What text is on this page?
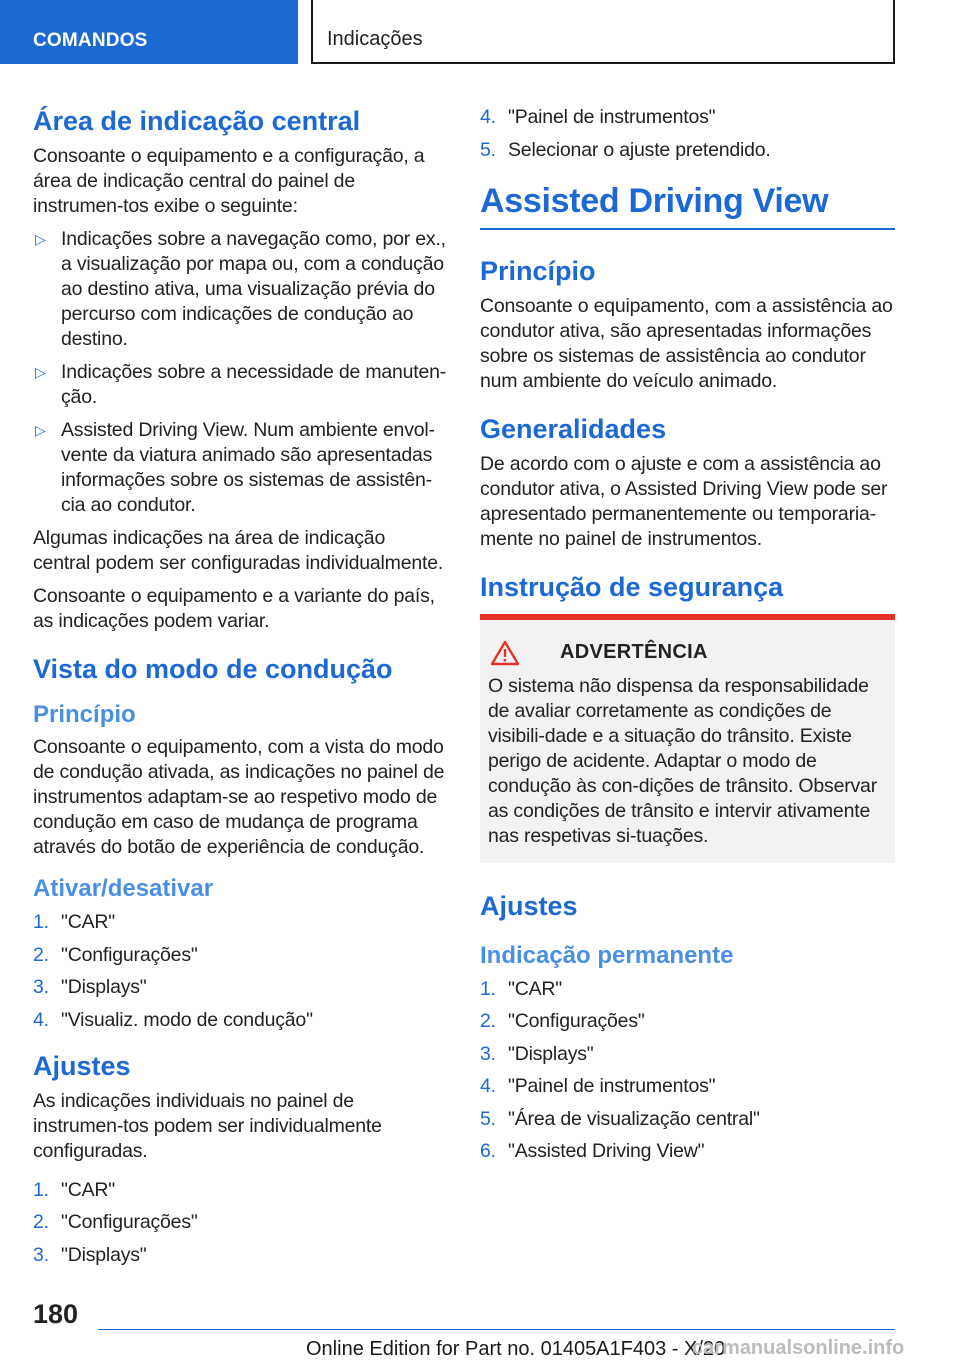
COMANDOS	Indicações
Área de indicação central

Consoante o equipamento e a configuração, a área de indicação central do painel de instrumen-tos exibe o seguinte:

▷ Indicações sobre a navegação como, por ex., a visualização por mapa ou, com a condução ao destino ativa, uma visualização prévia do percurso com indicações de condução ao destino.
▷ Indicações sobre a necessidade de manuten-ção.
▷ Assisted Driving View. Num ambiente envol-vente da viatura animado são apresentadas informações sobre os sistemas de assistên-cia ao condutor.

Algumas indicações na área de indicação central podem ser configuradas individualmente.

Consoante o equipamento e a variante do país, as indicações podem variar.

Vista do modo de condução
Princípio

Consoante o equipamento, com a vista do modo de condução ativada, as indicações no painel de instrumentos adaptam-se ao respetivo modo de condução em caso de mudança de programa através do botão de experiência de condução.

Ativar/desativar
1. "CAR"
2. "Configurações"
3. "Displays"
4. "Visualiz. modo de condução"
Ajustes

As indicações individuais no painel de instrumen-tos podem ser individualmente configuradas.

1. "CAR"
2. "Configurações"
3. "Displays"
4. "Painel de instrumentos"
5. Selecionar o ajuste pretendido.
Assisted Driving View
Princípio

Consoante o equipamento, com a assistência ao condutor ativa, são apresentadas informações sobre os sistemas de assistência ao condutor num ambiente do veículo animado.

Generalidades

De acordo com o ajuste e com a assistência ao condutor ativa, o Assisted Driving View pode ser apresentado permanentemente ou temporaria-mente no painel de instrumentos.

Instrução de segurança
ADVERTÊNCIA

O sistema não dispensa da responsabilidade de avaliar corretamente as condições de visibili-dade e a situação do trânsito. Existe perigo de acidente. Adaptar o modo de condução às con-dições de trânsito. Observar as condições de trânsito e intervir ativamente nas respetivas si-tuações.

Ajustes
Indicação permanente
1. "CAR"
2. "Configurações"
3. "Displays"
4. "Painel de instrumentos"
5. "Área de visualização central"
6. "Assisted Driving View"
180
Online Edition for Part no. 01405A1F403 - X/20
carmanualsonline.info
